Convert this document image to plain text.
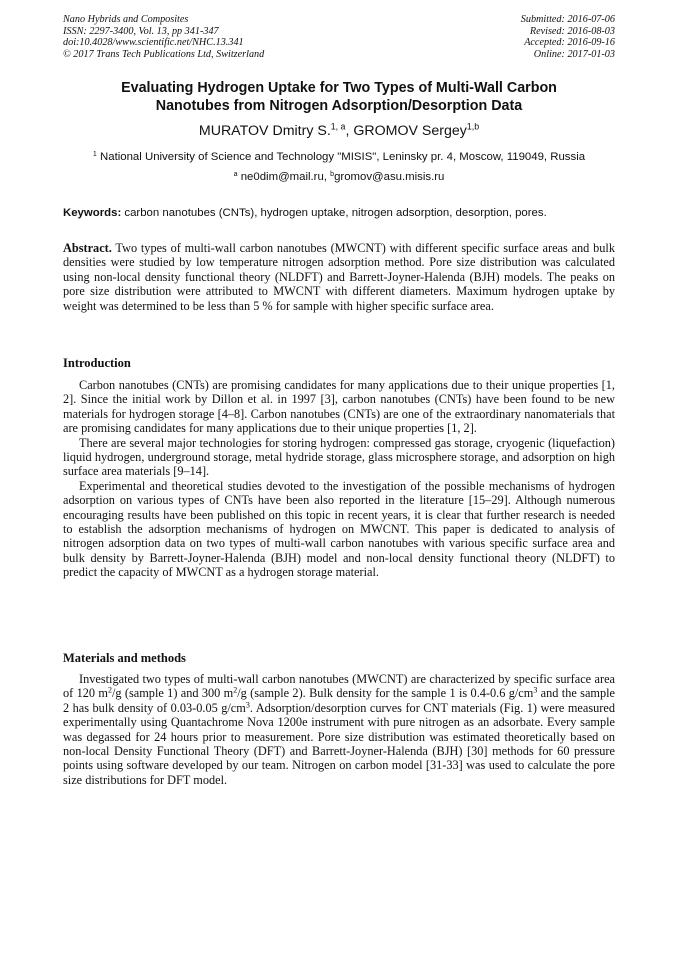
Nano Hybrids and Composites
ISSN: 2297-3400, Vol. 13, pp 341-347
doi:10.4028/www.scientific.net/NHC.13.341
© 2017 Trans Tech Publications Ltd, Switzerland
Submitted: 2016-07-06
Revised: 2016-08-03
Accepted: 2016-09-16
Online: 2017-01-03
Evaluating Hydrogen Uptake for Two Types of Multi-Wall Carbon
Nanotubes from Nitrogen Adsorption/Desorption Data
MURATOV Dmitry S.$^{1, a}$, GROMOV Sergey$^{1,b}$
$^1$ National University of Science and Technology "MISIS", Leninsky pr. 4, Moscow, 119049, Russia
$^a$ ne0dim@mail.ru, $^b$gromov@asu.misis.ru
Keywords: carbon nanotubes (CNTs), hydrogen uptake, nitrogen adsorption, desorption, pores.
Abstract. Two types of multi-wall carbon nanotubes (MWCNT) with different specific surface areas and bulk densities were studied by low temperature nitrogen adsorption method. Pore size distribution was calculated using non-local density functional theory (NLDFT) and Barrett-Joyner-Halenda (BJH) models. The peaks on pore size distribution were attributed to MWCNT with different diameters. Maximum hydrogen uptake by weight was determined to be less than 5 % for sample with higher specific surface area.
Introduction

Carbon nanotubes (CNTs) are promising candidates for many applications due to their unique properties [1, 2]. Since the initial work by Dillon et al. in 1997 [3], carbon nanotubes (CNTs) have been found to be new materials for hydrogen storage [4–8]. Carbon nanotubes (CNTs) are one of the extraordinary nanomaterials that are promising candidates for many applications due to their unique properties [1, 2].

There are several major technologies for storing hydrogen: compressed gas storage, cryogenic (liquefaction) liquid hydrogen, underground storage, metal hydride storage, glass microsphere storage, and adsorption on high surface area materials [9–14].

Experimental and theoretical studies devoted to the investigation of the possible mechanisms of hydrogen adsorption on various types of CNTs have been also reported in the literature [15–29]. Although numerous encouraging results have been published on this topic in recent years, it is clear that further research is needed to establish the adsorption mechanisms of hydrogen on MWCNT. This paper is dedicated to analysis of nitrogen adsorption data on two types of multi-wall carbon nanotubes with various specific surface area and bulk density by Barrett-Joyner-Halenda (BJH) model and non-local density functional theory (NLDFT) to predict the capacity of MWCNT as a hydrogen storage material.

Materials and methods

Investigated two types of multi-wall carbon nanotubes (MWCNT) are characterized by specific surface area of 120 $m^2/g$ (sample 1) and 300 $m^2/g$ (sample 2). Bulk density for the sample 1 is 0.4-0.6 $g/cm^3$ and the sample 2 has bulk density of 0.03-0.05 $g/cm^3$. Adsorption/desorption curves for CNT materials (Fig. 1) were measured experimentally using Quantachrome Nova 1200e instrument with pure nitrogen as an adsorbate. Every sample was degassed for 24 hours prior to measurement. Pore size distribution was estimated theoretically based on non-local Density Functional Theory (DFT) and Barrett-Joyner-Halenda (BJH) [30] methods for 60 pressure points using software developed by our team. Nitrogen on carbon model [31-33] was used to calculate the pore size distributions for DFT model.
